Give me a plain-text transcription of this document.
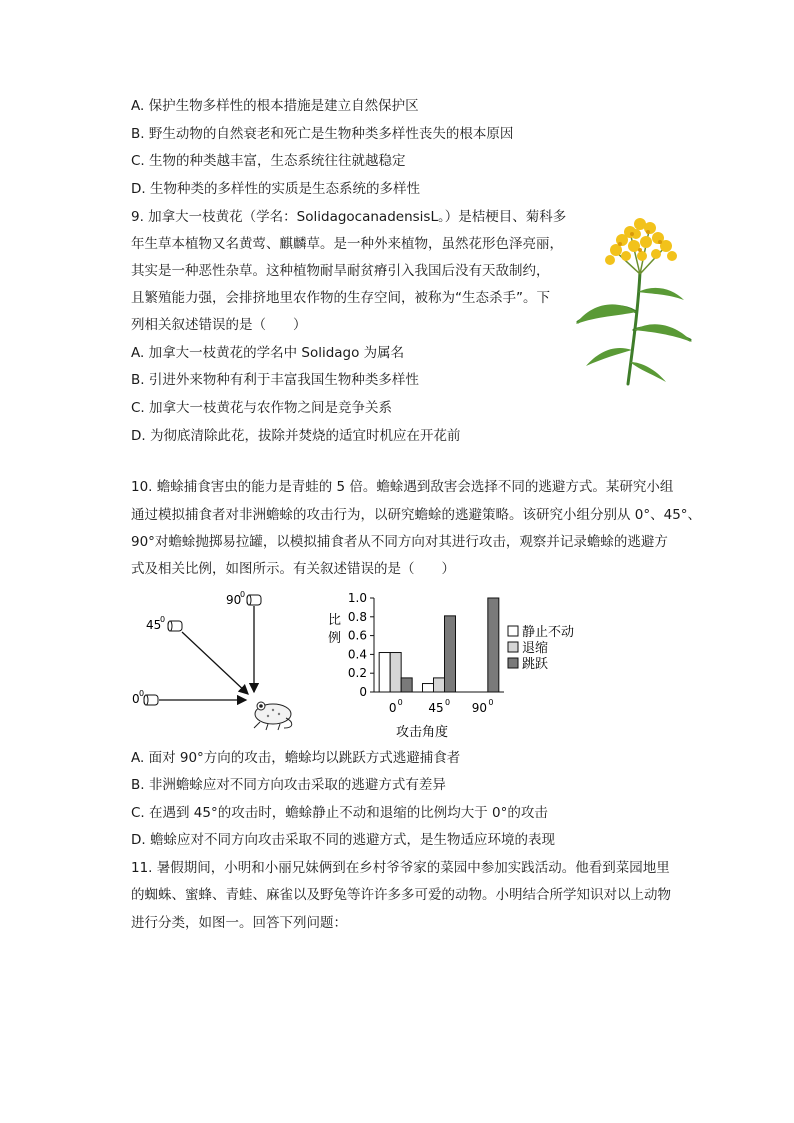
A. 保护生物多样性的根本措施是建立自然保护区
B. 野生动物的自然衰老和死亡是生物种类多样性丧失的根本原因
C. 生物的种类越丰富，生态系统往往就越稳定
D. 生物种类的多样性的实质是生态系统的多样性
9. 加拿大一枝黄花（学名：SolidagocanadensisL。）是桔梗目、菊科多
年生草本植物又名黄莺、麒麟草。是一种外来植物，虽然花形色泽亮丽，
其实是一种恶性杂草。这种植物耐旱耐贫瘠引入我国后没有天敌制约，
且繁殖能力强，会排挤地里农作物的生存空间，被称为“生态杀手”。下
列相关叙述错误的是（　　）
A. 加拿大一枝黄花的学名中 Solidago 为属名
B. 引进外来物种有利于丰富我国生物种类多样性
C. 加拿大一枝黄花与农作物之间是竞争关系
D. 为彻底清除此花，拔除并焚烧的适宜时机应在开花前
10. 蟾蜍捕食害虫的能力是青蛙的 5 倍。蟾蜍遇到敌害会选择不同的逃避方式。某研究小组
通过模拟捕食者对非洲蟾蜍的攻击行为，以研究蟾蜍的逃避策略。该研究小组分别从 0°、45°、
90°对蟾蜍抛掷易拉罐，以模拟捕食者从不同方向对其进行攻击，观察并记录蟾蜍的逃避方
式及相关比例，如图所示。有关叙述错误的是（　　）
90
0
45
0
0 0
比
例
0
0.2
0.4
0.6
0.8
1.0
0 0 45 0 90 0
攻击角度
静止不动
退缩
跳跃
A. 面对 90°方向的攻击，蟾蜍均以跳跃方式逃避捕食者
B. 非洲蟾蜍应对不同方向攻击采取的逃避方式有差异
C. 在遇到 45°的攻击时，蟾蜍静止不动和退缩的比例均大于 0°的攻击
D. 蟾蜍应对不同方向攻击采取不同的逃避方式，是生物适应环境的表现
11. 暑假期间，小明和小丽兄妹俩到在乡村爷爷家的菜园中参加实践活动。他看到菜园地里
的蜘蛛、蜜蜂、青蛙、麻雀以及野兔等许许多多可爱的动物。小明结合所学知识对以上动物
进行分类，如图一。回答下列问题：
